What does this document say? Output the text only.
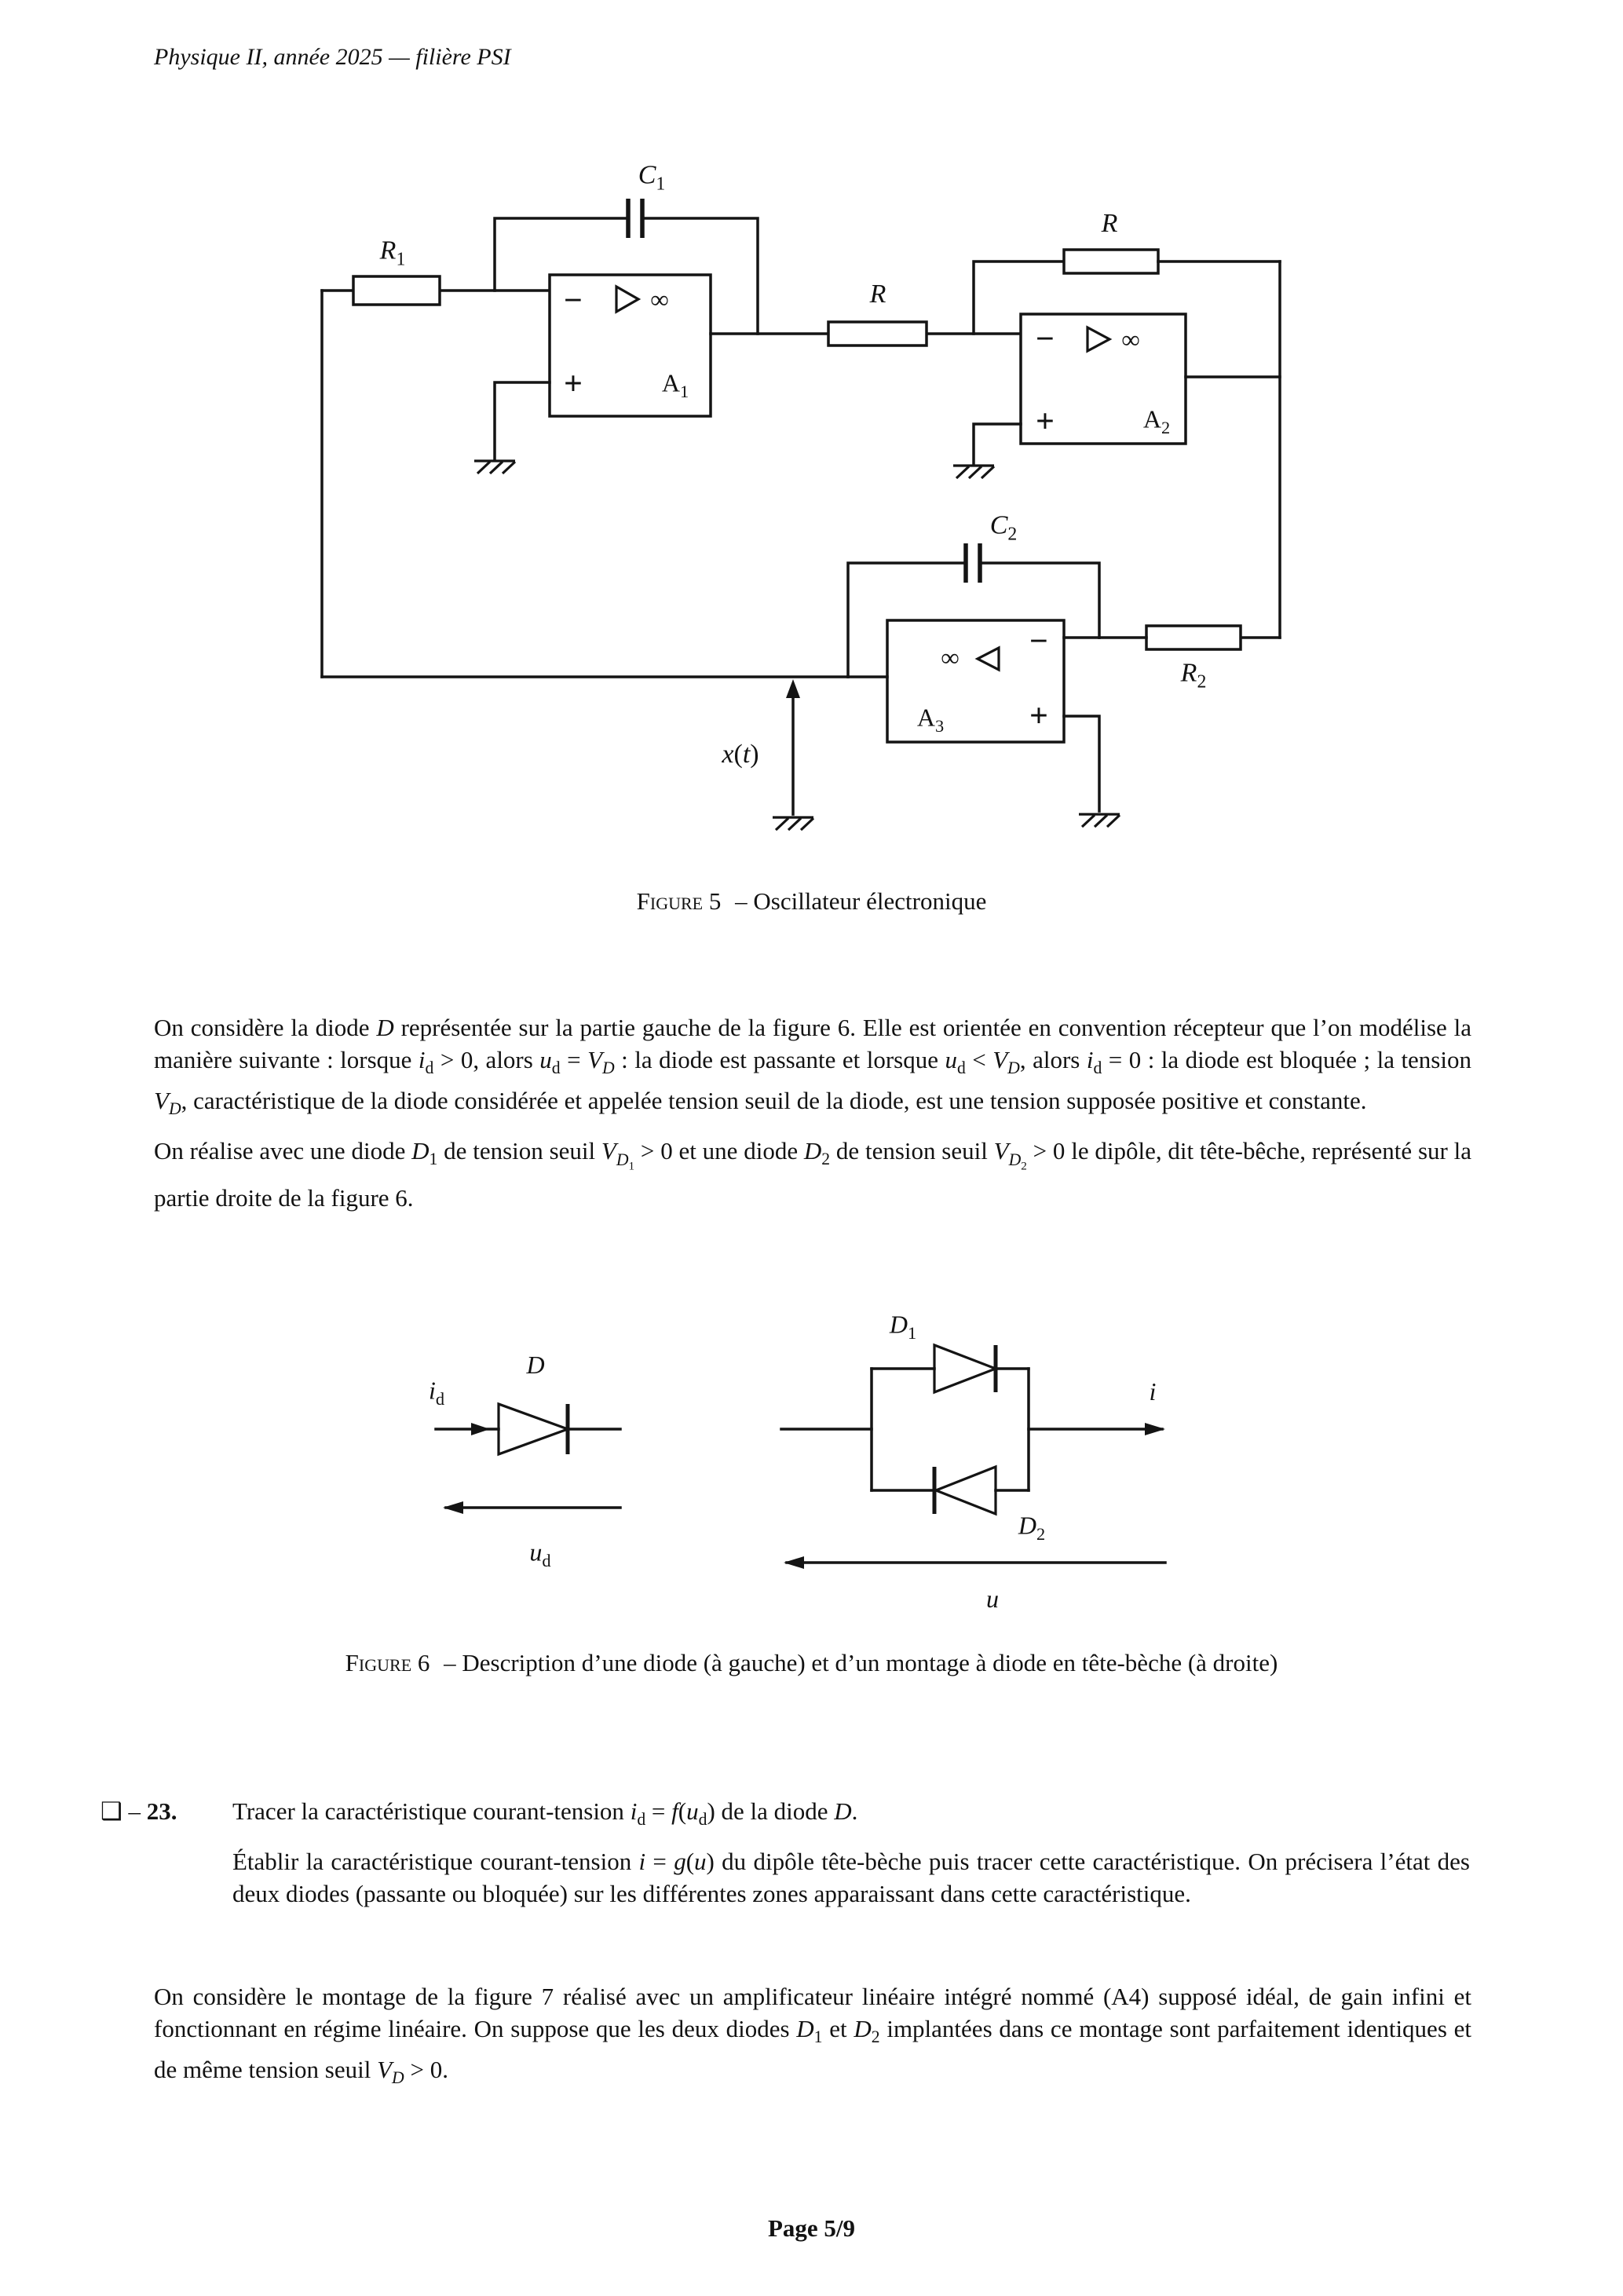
Physique II, année 2025 — filière PSI
$R_1$
$C_1$
R
R
$C_2$
$R_2$
x(t)
−
+
∞
$A_1$
−
+
∞
$A_2$
−
+
∞
$A_3$
Figure 5 – Oscillateur électronique

On considère la diode D représentée sur la partie gauche de la figure 6. Elle est orientée en convention récepteur que l’on modélise la manière suivante : lorsque $i_d > 0$, alors $u_d = V_D$ : la diode est passante et lorsque $u_d < V_D$, alors $i_d = 0$ : la diode est bloquée ; la tension $V_D$, caractéristique de la diode considérée et appelée tension seuil de la diode, est une tension supposée positive et constante.

On réalise avec une diode $D_1$ de tension seuil $V_{D_1} > 0$ et une diode $D_2$ de tension seuil $V_{D_2} > 0$ le dipôle, dit tête-bêche, représenté sur la partie droite de la figure 6.

$i_d$
D
$u_d$
$D_1$
$D_2$
i
u
Figure 6 – Description d’une diode (à gauche) et d’un montage à diode en tête-bèche (à droite)
❑ – 23.	Tracer la caractéristique courant-tension $i_d = f(u_d)$ de la diode D.

Établir la caractéristique courant-tension i = g(u) du dipôle tête-bèche puis tracer cette caractéristique. On précisera l’état des deux diodes (passante ou bloquée) sur les différentes zones apparaissant dans cette caractéristique.

On considère le montage de la figure 7 réalisé avec un amplificateur linéaire intégré nommé (A4) supposé idéal, de gain infini et fonctionnant en régime linéaire. On suppose que les deux diodes $D_1$ et $D_2$ implantées dans ce montage sont parfaitement identiques et de même tension seuil $V_D > 0$.

Page 5/9
